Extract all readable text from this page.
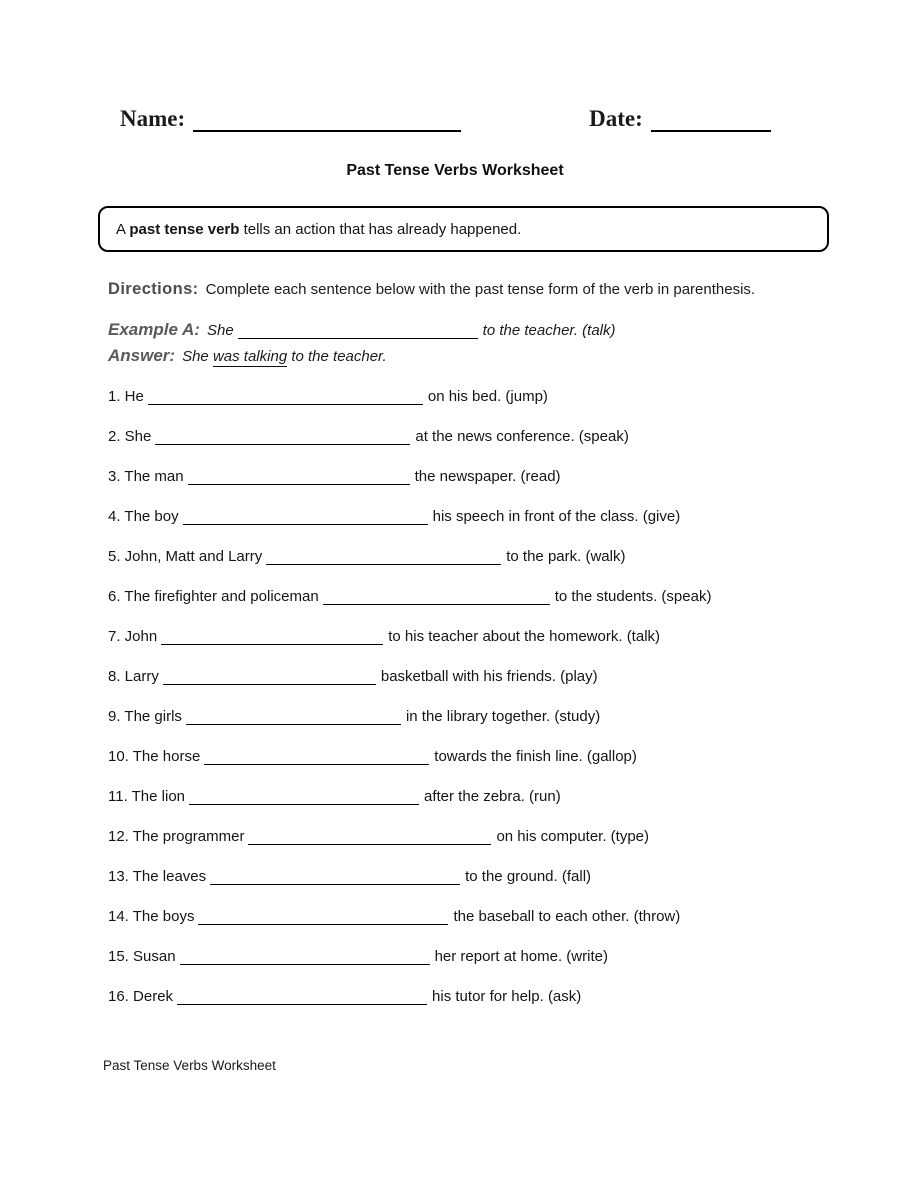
Name:	Date:
Past Tense Verbs Worksheet
A past tense verb tells an action that has already happened.

Directions: Complete each sentence below with the past tense form of the verb in parenthesis.

Example A: She	to the teacher. (talk)
Answer: She was talking to the teacher.
1. He	on his bed. (jump)
2. She	at the news conference. (speak)
3. The man	the newspaper. (read)
4. The boy	his speech in front of the class. (give)
5. John, Matt and Larry	to the park. (walk)
6. The firefighter and policeman	to the students. (speak)
7. John	to his teacher about the homework. (talk)
8. Larry	basketball with his friends. (play)
9. The girls	in the library together. (study)
10. The horse	towards the finish line. (gallop)
11. The lion	after the zebra. (run)
12. The programmer	on his computer. (type)
13. The leaves	to the ground. (fall)
14. The boys	the baseball to each other. (throw)
15. Susan	her report at home. (write)
16. Derek	his tutor for help. (ask)
Past Tense Verbs Worksheet
